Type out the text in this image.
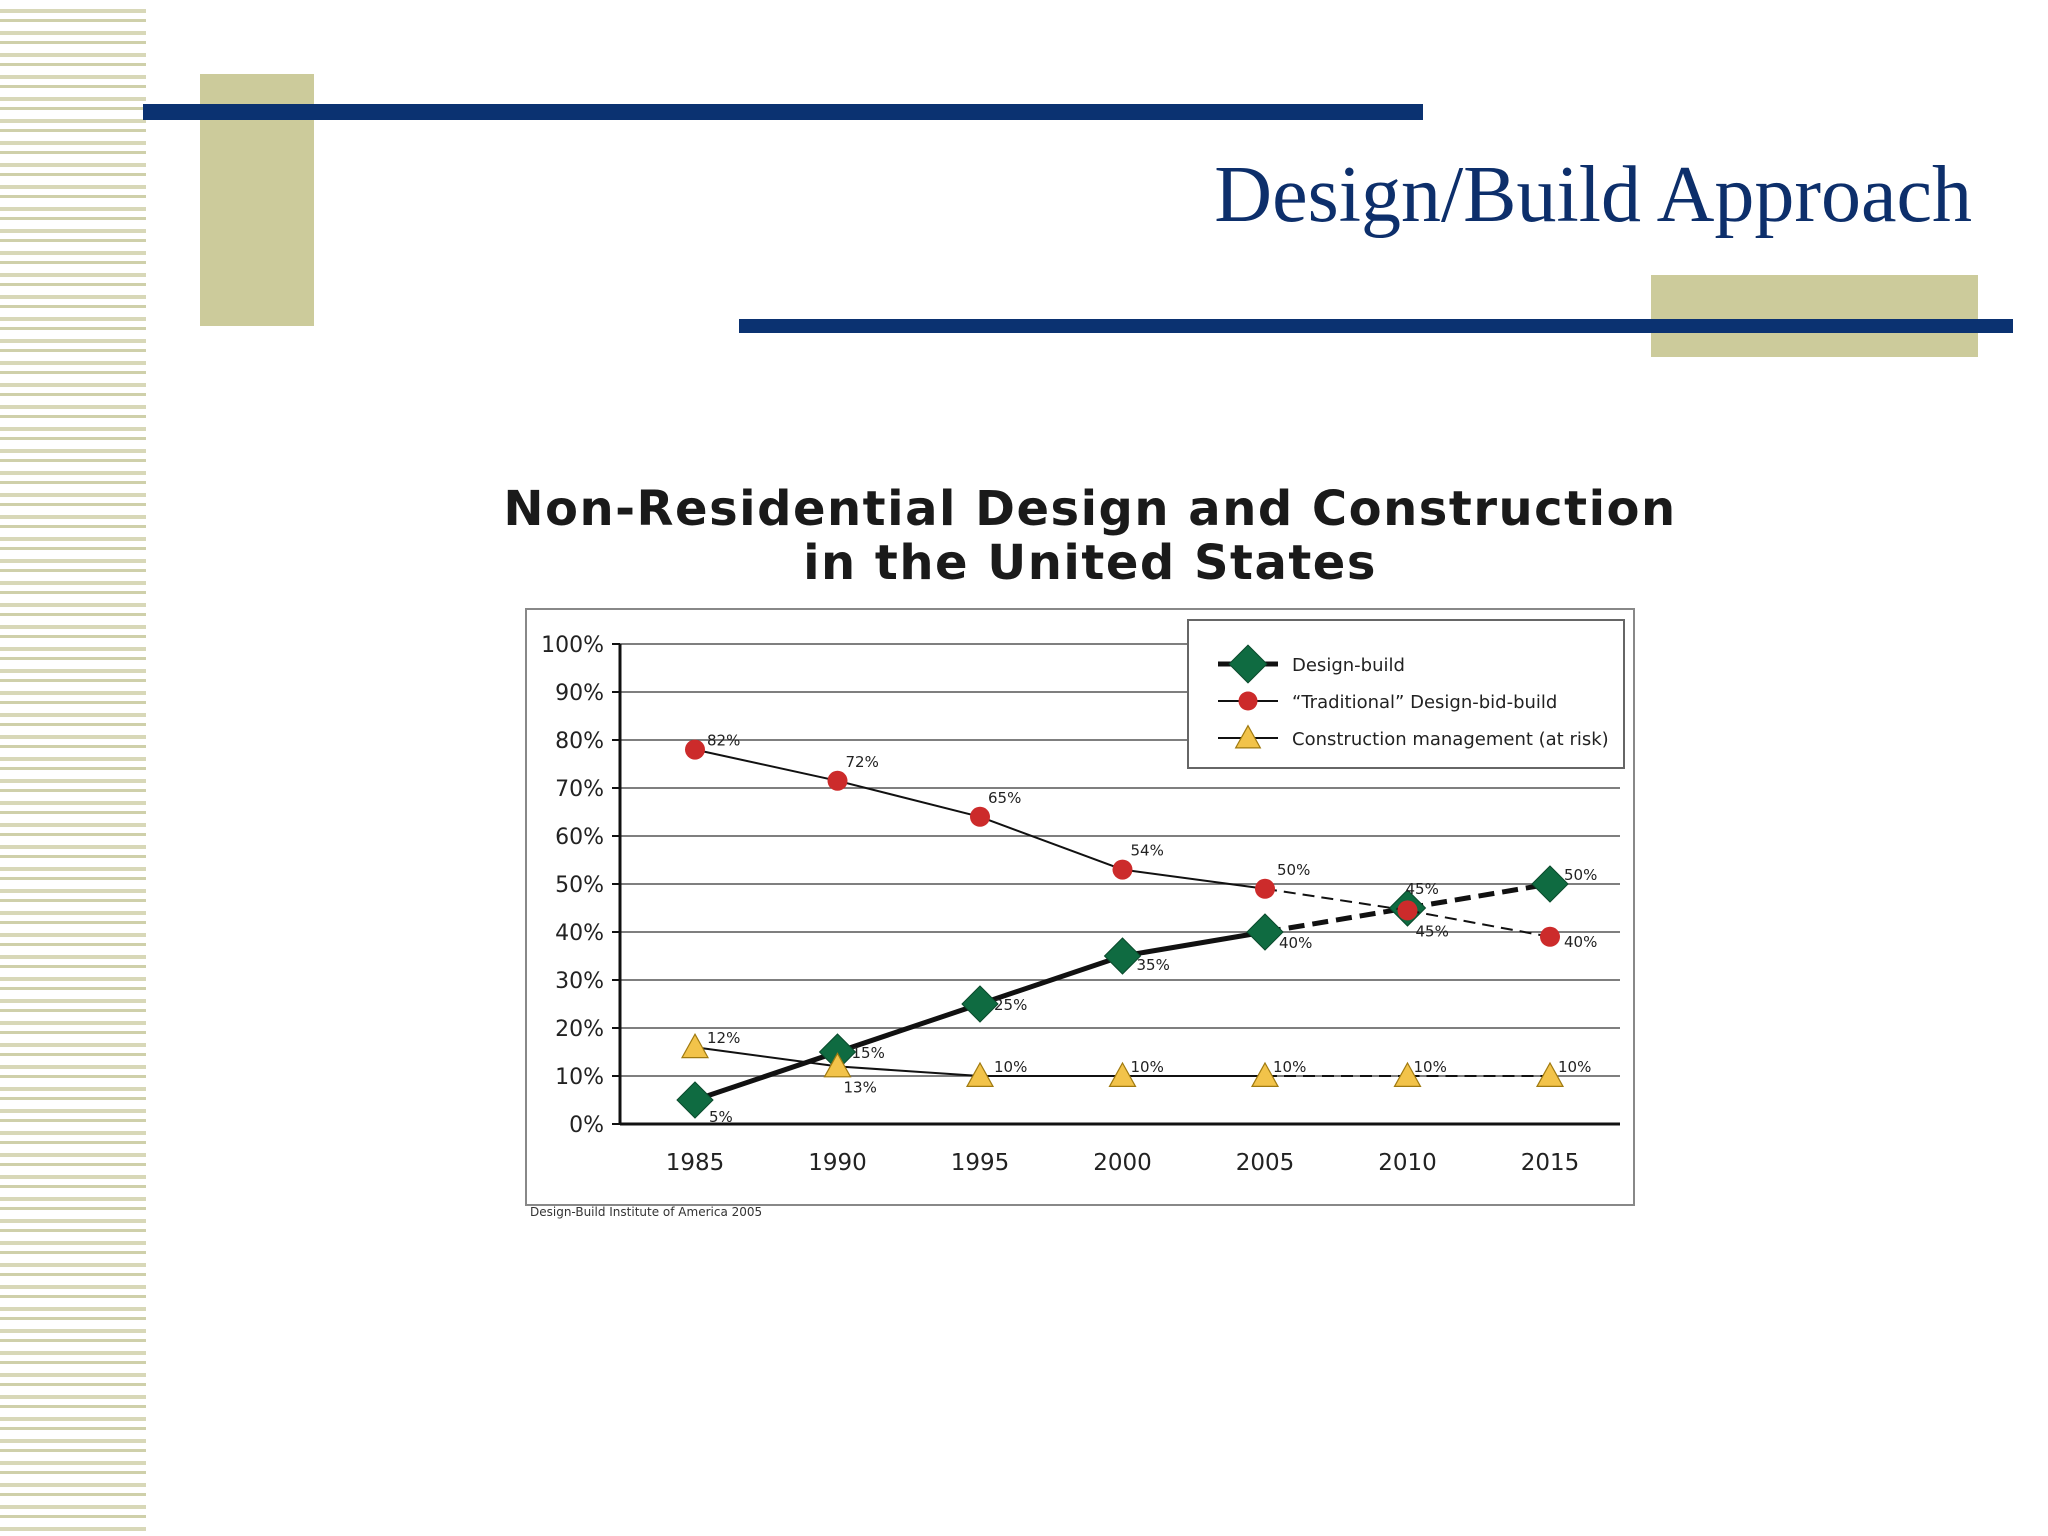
Design/Build Approach
Non-Residential Design and Construction
in the United States
0%
10%
20%
30%
40%
50%
60%
70%
80%
90%
100%
1985	1990	1995	2000	2005	2010	2015
5%
15%
25%
35%
40%
45%
50%
82%
72%
65%
54%
50%
45%
40%
12%
13%
10%	10%	10%	10%	10%
Design-build
“Traditional” Design-bid-build
Construction management (at risk)
Design-Build Institute of America 2005
